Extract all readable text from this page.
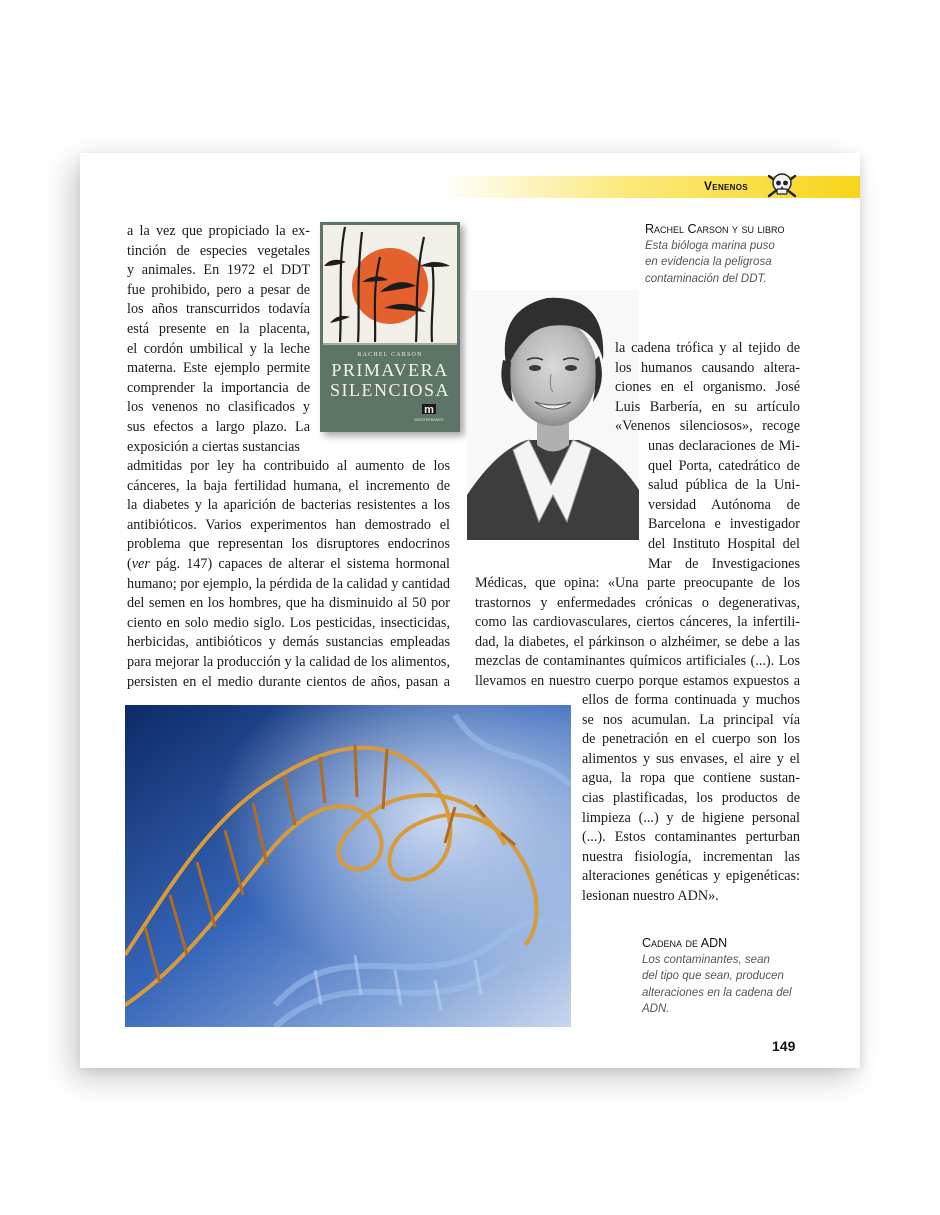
Venenos
Rachel Carson y su libro
Esta bióloga marina puso
en evidencia la peligrosa
contaminación del DDT.
RACHEL CARSON
PRIMAVERA
SILENCIOSA
m
MEDITERRANEO
a la vez que propiciado la ex-
tinción de especies vegetales
y animales. En 1972 el DDT
fue prohibido, pero a pesar de
los años transcurridos todavía
está presente en la placenta,
el cordón umbilical y la leche
materna. Este ejemplo permite
comprender la importancia de
los venenos no clasificados y
sus efectos a largo plazo. La
exposición a ciertas sustancias
admitidas por ley ha contribuido al aumento de los
cánceres, la baja fertilidad humana, el incremento de
la diabetes y la aparición de bacterias resistentes a los
antibióticos. Varios experimentos han demostrado el
problema que representan los disruptores endocrinos
(ver pág. 147) capaces de alterar el sistema hormonal
humano; por ejemplo, la pérdida de la calidad y cantidad
del semen en los hombres, que ha disminuido al 50 por
ciento en solo medio siglo. Los pesticidas, insecticidas,
herbicidas, antibióticos y demás sustancias empleadas
para mejorar la producción y la calidad de los alimentos,
persisten en el medio durante cientos de años, pasan a
la cadena trófica y al tejido de
los humanos causando altera-
ciones en el organismo. José
Luis Barbería, en su artículo
«Venenos silenciosos», recoge
unas declaraciones de Mi-
quel Porta, catedrático de
salud pública de la Uni-
versidad Autónoma de
Barcelona e investigador
del Instituto Hospital del
Mar de Investigaciones
Médicas, que opina: «Una parte preocupante de los
trastornos y enfermedades crónicas o degenerativas,
como las cardiovasculares, ciertos cánceres, la infertili-
dad, la diabetes, el párkinson o alzhéimer, se debe a las
mezclas de contaminantes químicos artificiales (...). Los
llevamos en nuestro cuerpo porque estamos expuestos a
ellos de forma continuada y muchos
se nos acumulan. La principal vía
de penetración en el cuerpo son los
alimentos y sus envases, el aire y el
agua, la ropa que contiene sustan-
cias plastificadas, los productos de
limpieza (...) y de higiene personal
(...). Estos contaminantes perturban
nuestra fisiología, incrementan las
alteraciones genéticas y epigenéticas:
lesionan nuestro ADN».
Cadena de ADN
Los contaminantes, sean
del tipo que sean, producen
alteraciones en la cadena del
ADN.
149
